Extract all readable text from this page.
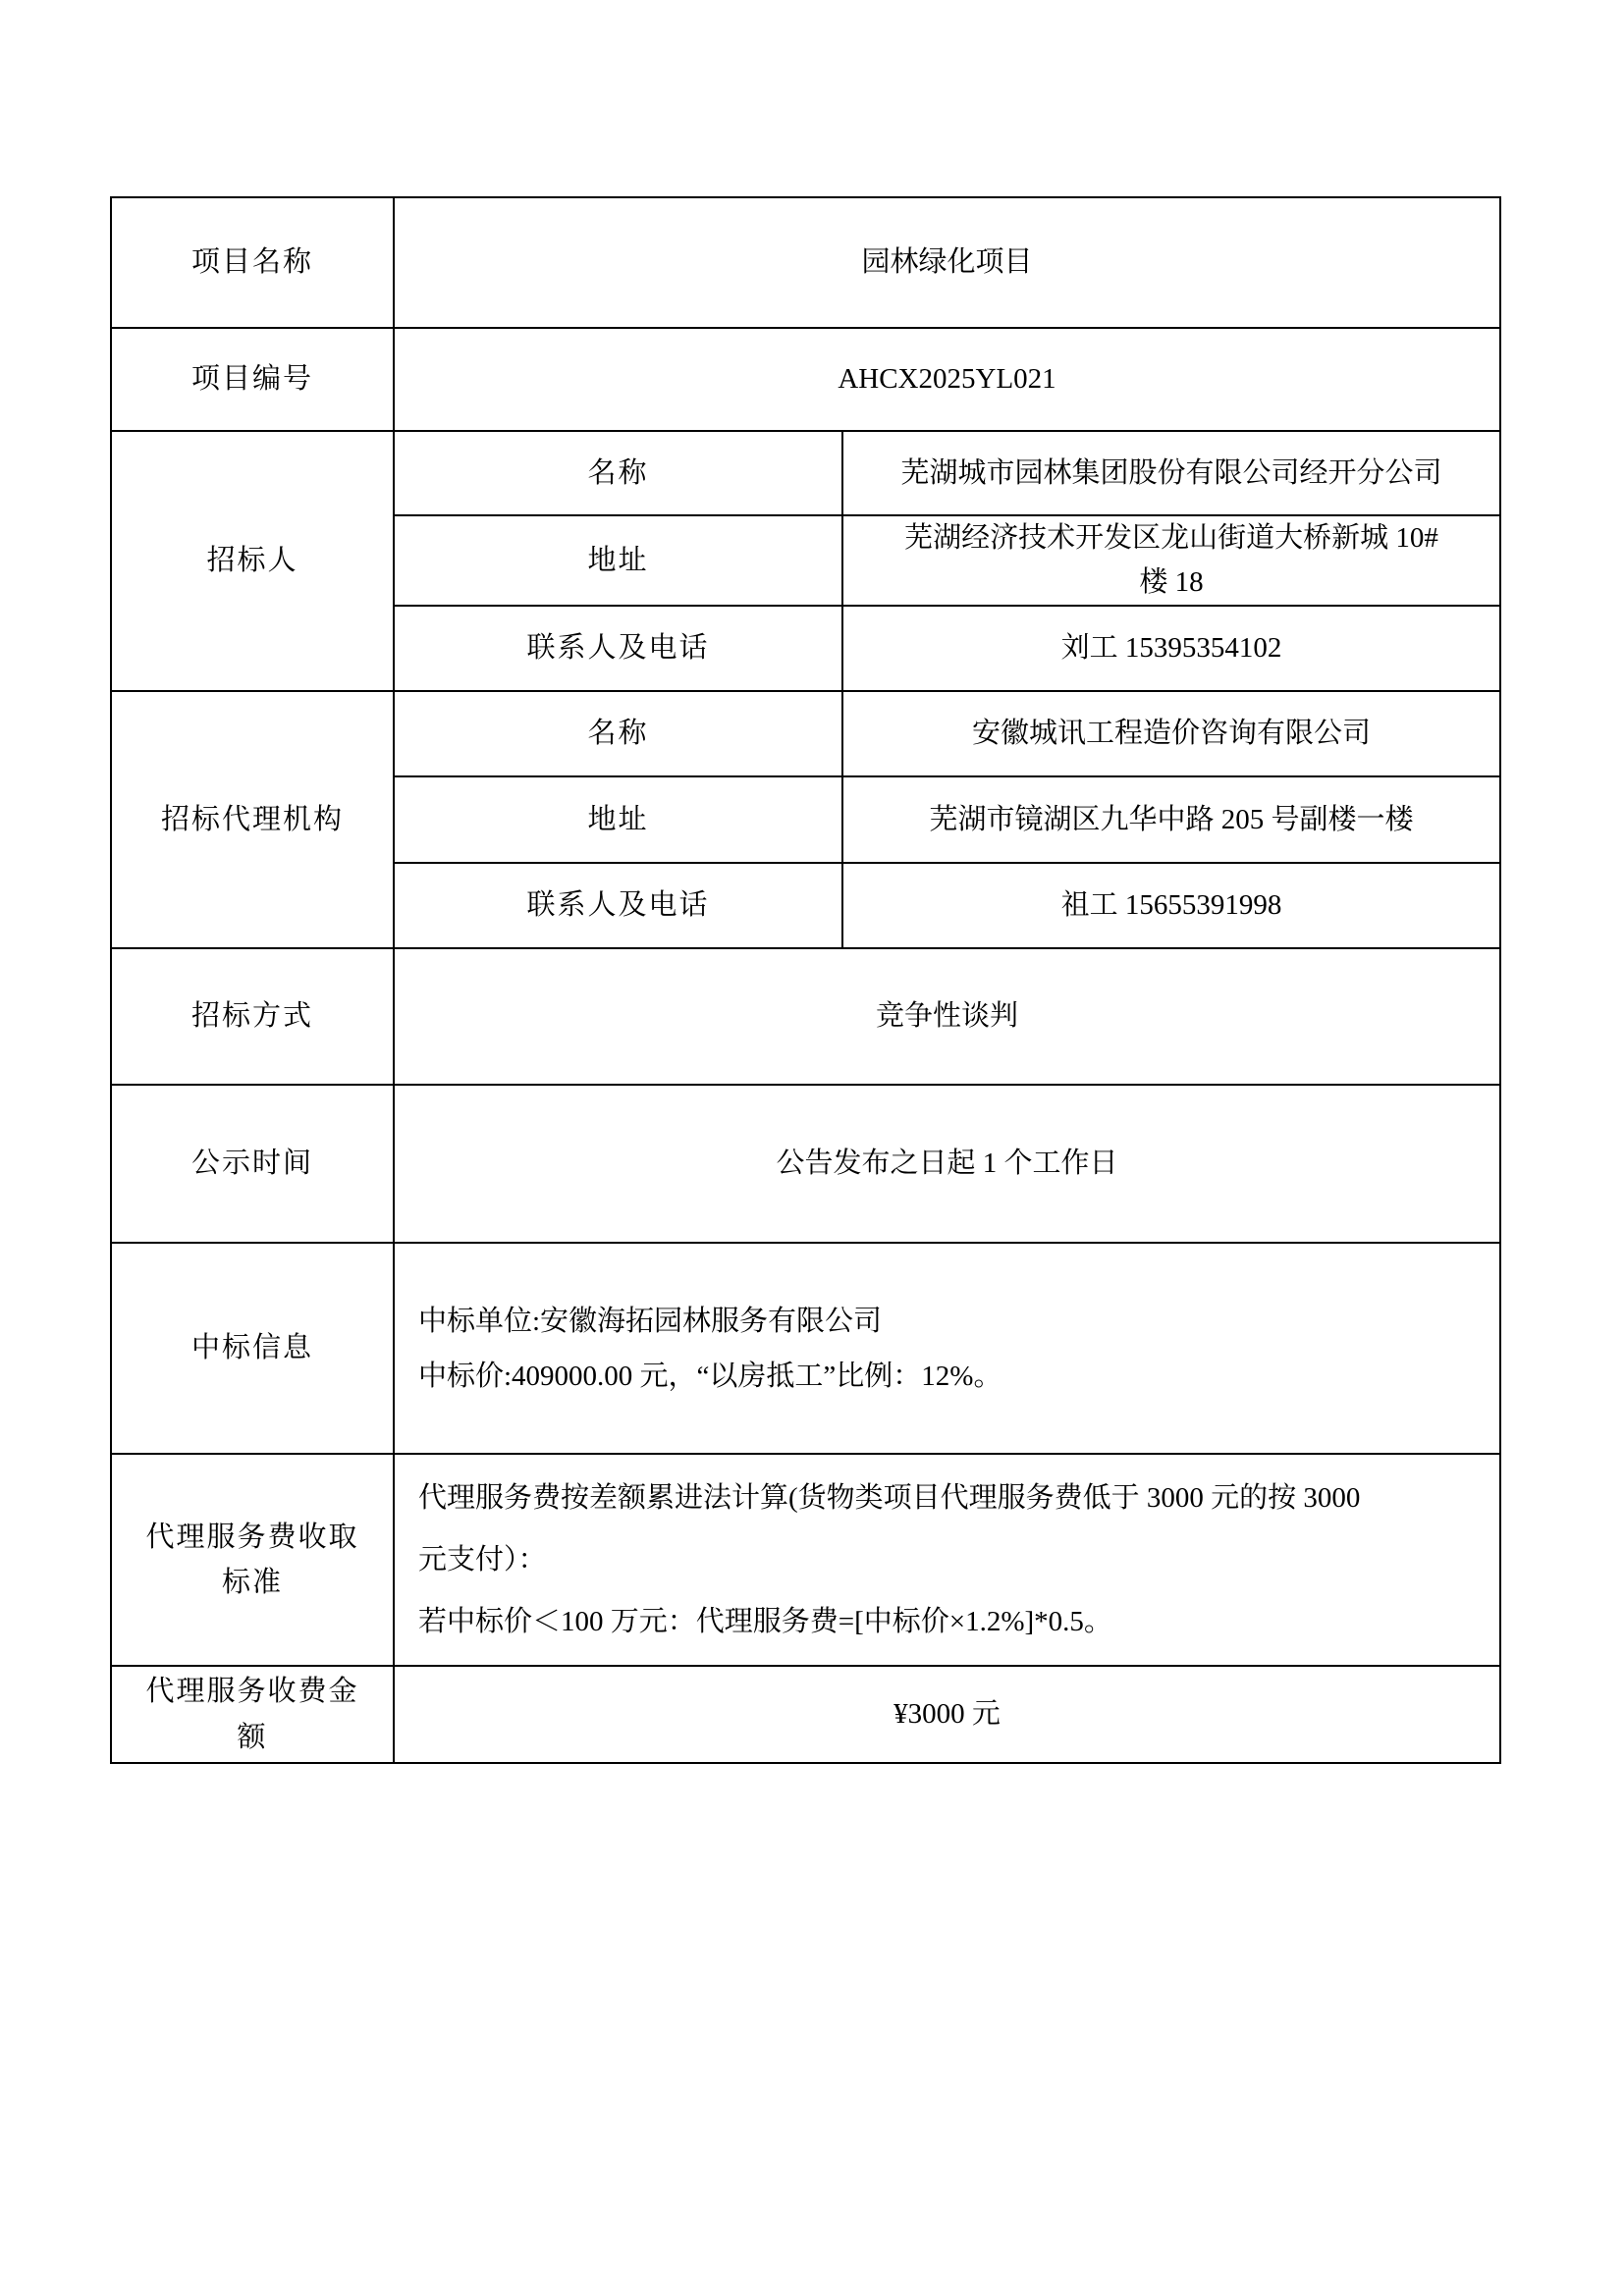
项目名称	园林绿化项目	
项目编号	AHCX2025YL021	
招标人	名称	芜湖城市园林集团股份有限公司经开分公司
	地址	芜湖经济技术开发区龙山街道大桥新城 10#
楼 18

	联系人及电话	刘工 15395354102
招标代理机构	名称	安徽城讯工程造价咨询有限公司
	地址	芜湖市镜湖区九华中路 205 号副楼一楼
	联系人及电话	祖工 15655391998
招标方式	竞争性谈判	
公示时间	公告发布之日起 1 个工作日	
中标信息	中标单位:安徽海拓园林服务有限公司
中标价:409000.00 元，“以房抵工”比例：12%。	

代理服务费收取标准	代理服务费按差额累进法计算(货物类项目代理服务费低于 3000 元的按 3000
元支付）：
若中标价＜100 万元：代理服务费=[中标价×1.2%]*0.5。	

代理服务收费金额	¥3000 元	
